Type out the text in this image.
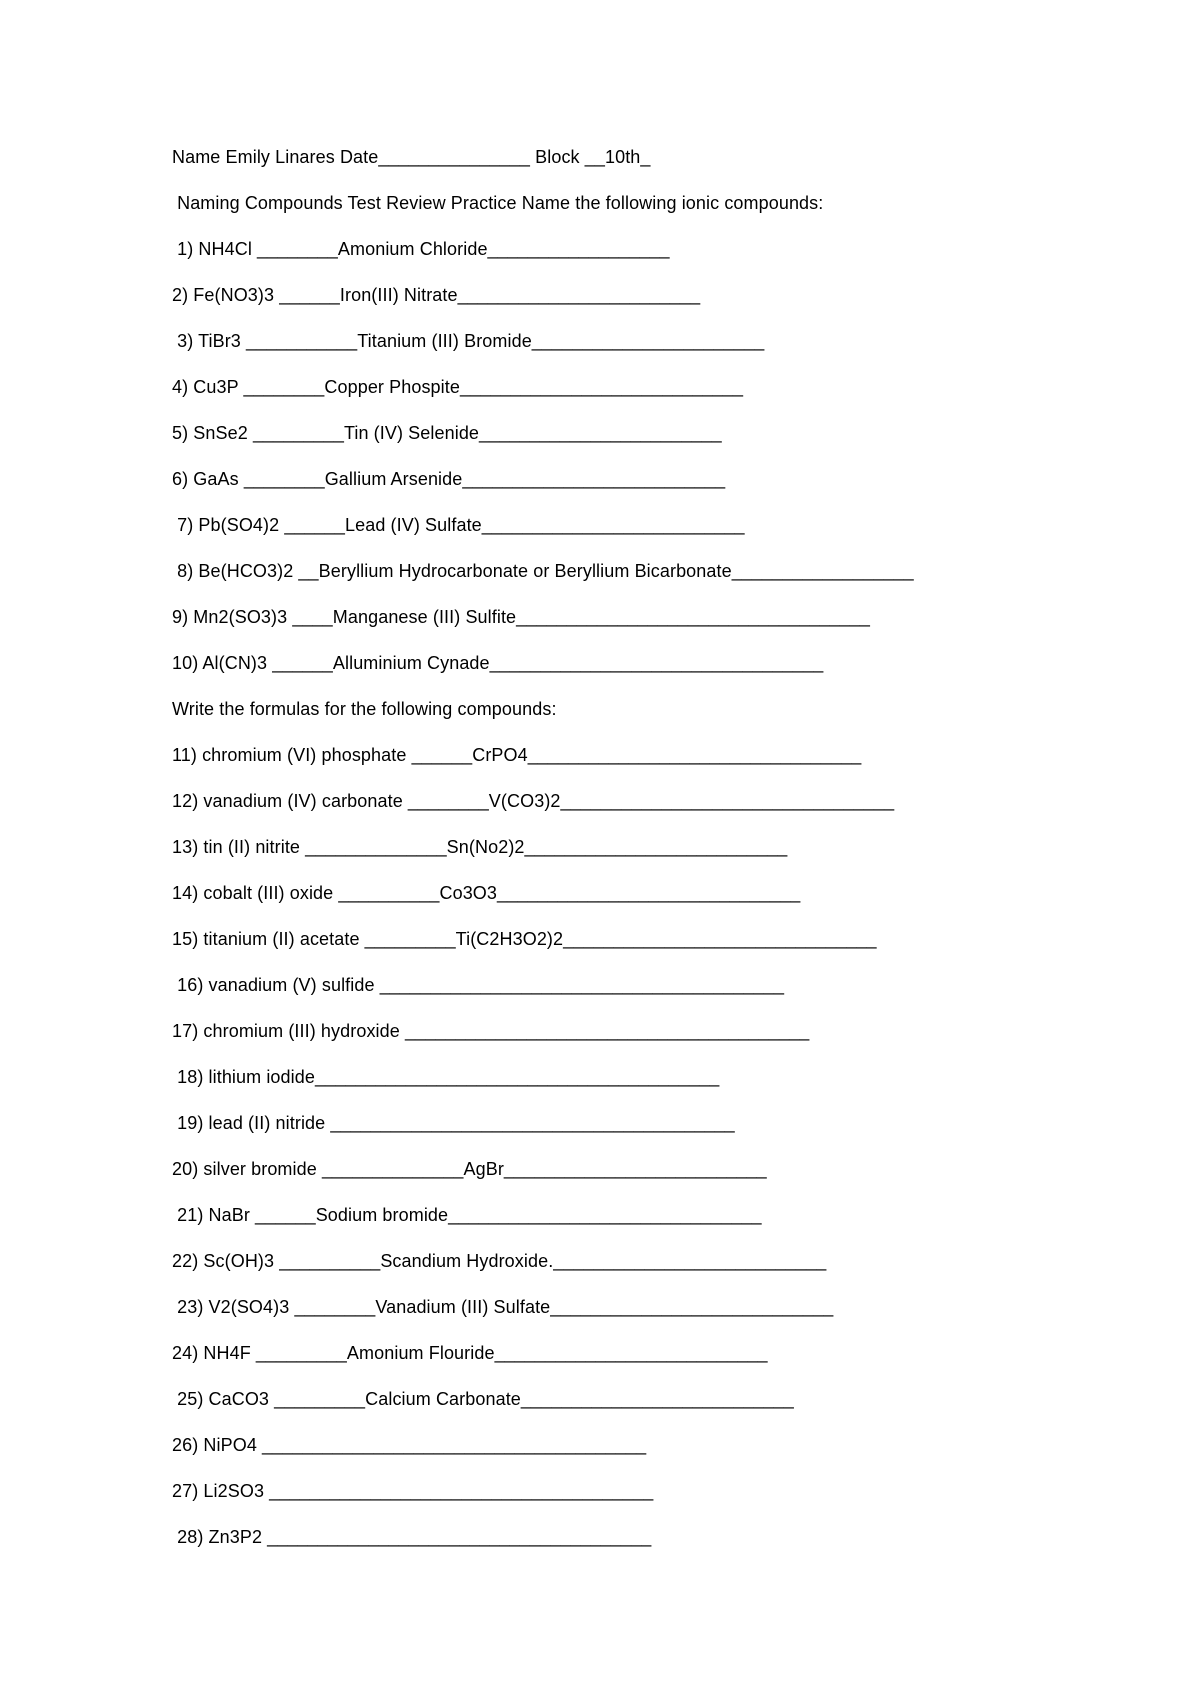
Name Emily Linares Date_______________ Block __10th_
Naming Compounds Test Review Practice Name the following ionic compounds:
1) NH4Cl ________Amonium Chloride__________________
2) Fe(NO3)3 ______Iron(III) Nitrate________________________
3) TiBr3 ___________Titanium (III) Bromide_______________________
4) Cu3P ________Copper Phospite____________________________
5) SnSe2 _________Tin (IV) Selenide________________________
6) GaAs ________Gallium Arsenide__________________________
7) Pb(SO4)2 ______Lead (IV) Sulfate__________________________
8) Be(HCO3)2 __Beryllium Hydrocarbonate or Beryllium Bicarbonate__________________
9) Mn2(SO3)3 ____Manganese (III) Sulfite___________________________________
10) Al(CN)3 ______Alluminium Cynade_________________________________
Write the formulas for the following compounds:
11) chromium (VI) phosphate ______CrPO4_________________________________
12) vanadium (IV) carbonate ________V(CO3)2_________________________________
13) tin (II) nitrite ______________Sn(No2)2__________________________
14) cobalt (III) oxide __________Co3O3______________________________
15) titanium (II) acetate _________Ti(C2H3O2)2_______________________________
16) vanadium (V) sulfide ________________________________________
17) chromium (III) hydroxide ________________________________________
18) lithium iodide________________________________________
19) lead (II) nitride ________________________________________
20) silver bromide ______________AgBr__________________________
21) NaBr ______Sodium bromide_______________________________
22) Sc(OH)3 __________Scandium Hydroxide.___________________________
23) V2(SO4)3 ________Vanadium (III) Sulfate____________________________
24) NH4F _________Amonium Flouride___________________________
25) CaCO3 _________Calcium Carbonate___________________________
26) NiPO4 ______________________________________
27) Li2SO3 ______________________________________
28) Zn3P2 ______________________________________
